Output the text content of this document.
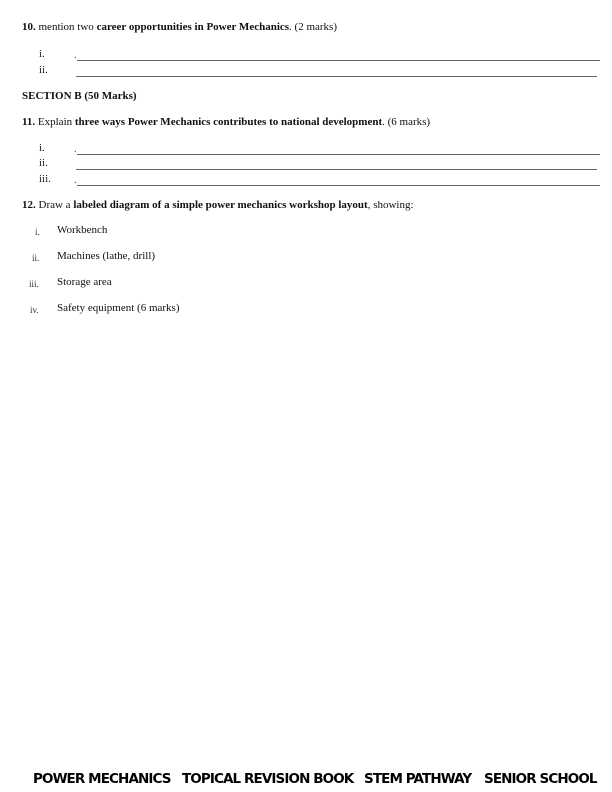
10. mention two career opportunities in Power Mechanics. (2 marks)
i.	.
ii.
SECTION B (50 Marks)
11. Explain three ways Power Mechanics contributes to national development. (6 marks)
i.	.
ii.
iii. .
12. Draw a labeled diagram of a simple power mechanics workshop layout, showing:
i. Workbench
ii. Machines (lathe, drill)
iii. Storage area
iv. Safety equipment (6 marks)
POWER MECHANICS TOPICAL REVISION BOOK STEM PATHWAY SENIOR SCHOOL
